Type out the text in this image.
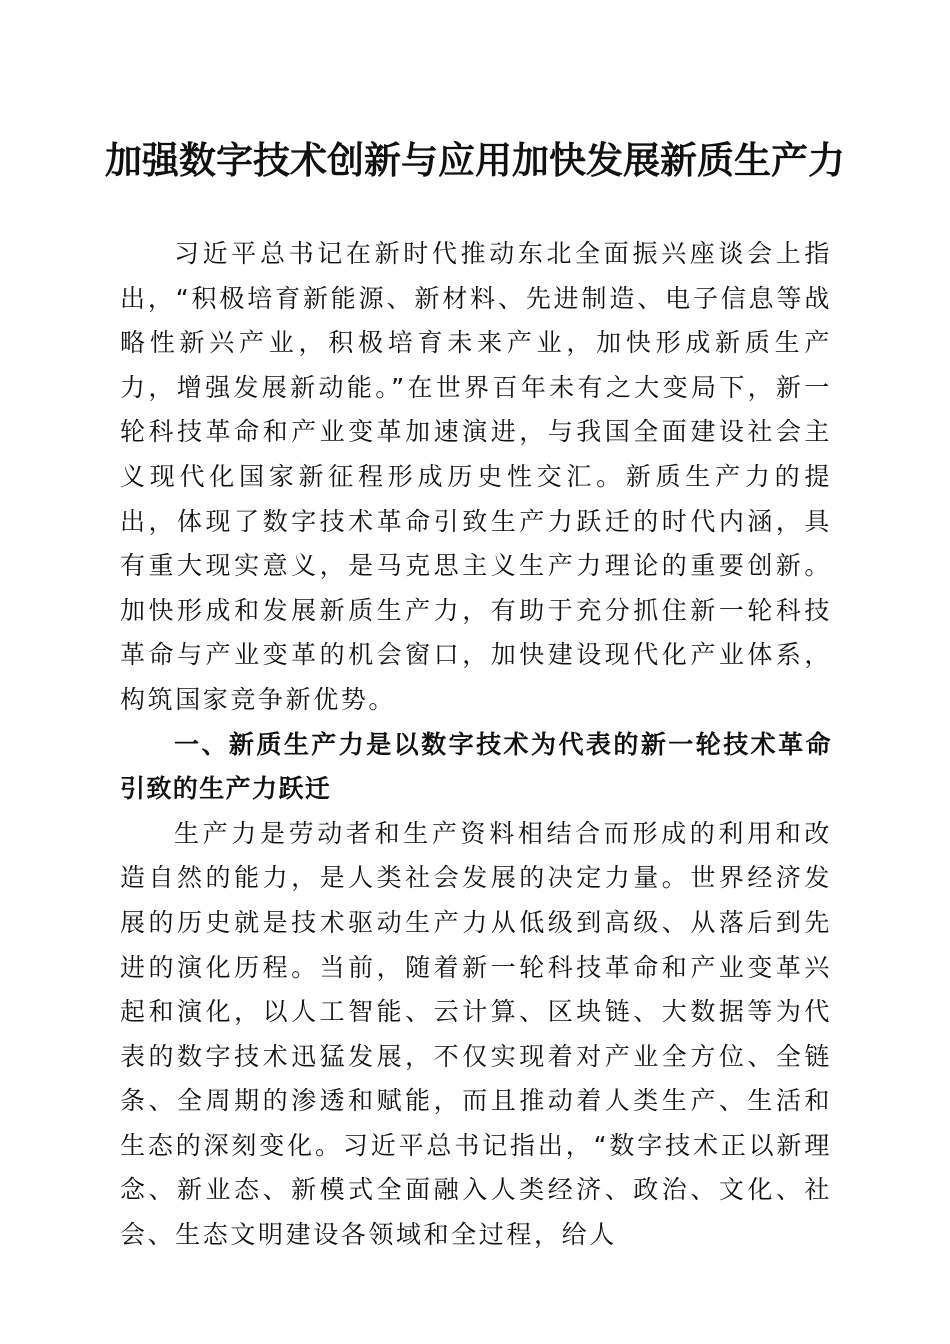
加强数字技术创新与应用加快发展新质生产力

习近平总书记在新时代推动东北全面振兴座谈会上指出，“积极培育新能源、新材料、先进制造、电子信息等战略性新兴产业，积极培育未来产业，加快形成新质生产力，增强发展新动能。”在世界百年未有之大变局下，新一轮科技革命和产业变革加速演进，与我国全面建设社会主义现代化国家新征程形成历史性交汇。新质生产力的提出，体现了数字技术革命引致生产力跃迁的时代内涵，具有重大现实意义，是马克思主义生产力理论的重要创新。加快形成和发展新质生产力，有助于充分抓住新一轮科技革命与产业变革的机会窗口，加快建设现代化产业体系，构筑国家竞争新优势。

一、新质生产力是以数字技术为代表的新一轮技术革命引致的生产力跃迁

生产力是劳动者和生产资料相结合而形成的利用和改造自然的能力，是人类社会发展的决定力量。世界经济发展的历史就是技术驱动生产力从低级到高级、从落后到先进的演化历程。当前，随着新一轮科技革命和产业变革兴起和演化，以人工智能、云计算、区块链、大数据等为代表的数字技术迅猛发展，不仅实现着对产业全方位、全链条、全周期的渗透和赋能，而且推动着人类生产、生活和生态的深刻变化。习近平总书记指出，“数字技术正以新理念、新业态、新模式全面融入人类经济、政治、文化、社会、生态文明建设各领域和全过程，给人
